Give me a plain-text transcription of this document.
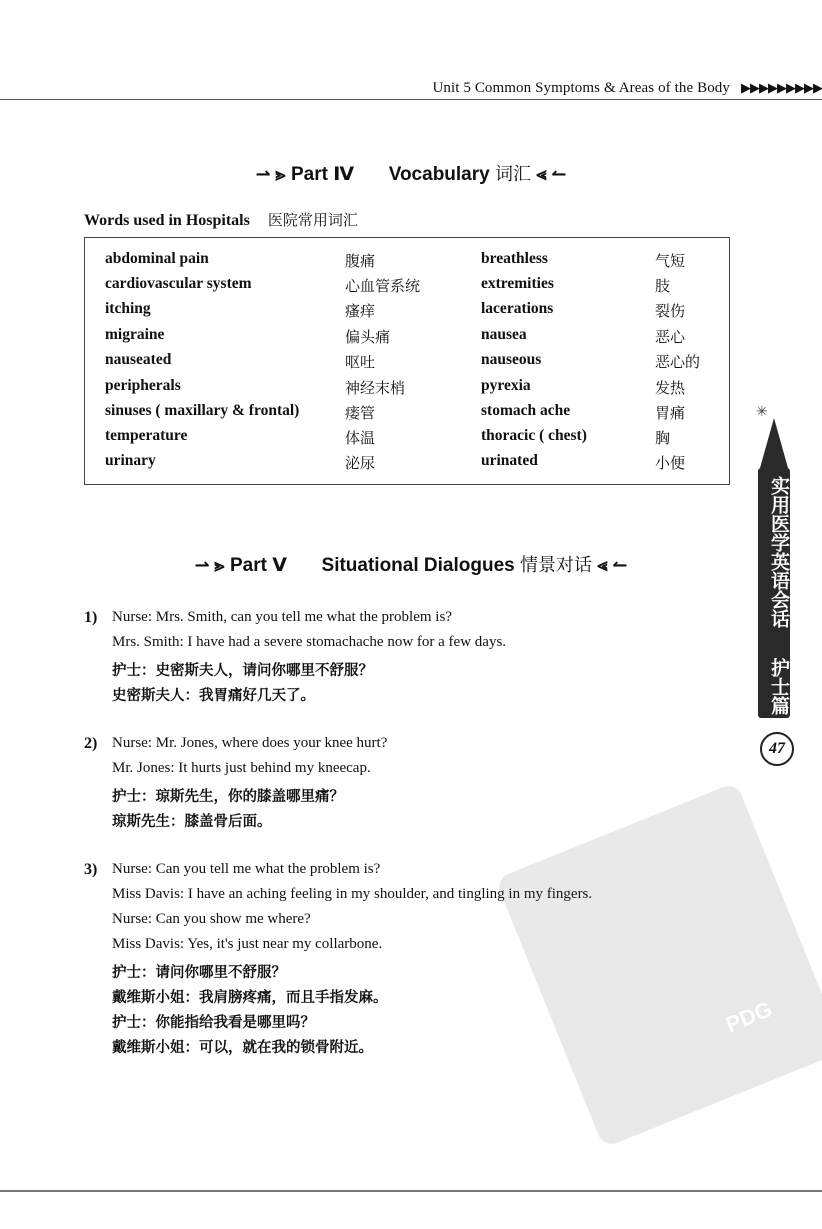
Unit 5 Common Symptoms & Areas of the Body ▶▶▶▶▶▶▶▶▶
⇀ ⪢ Part Ⅳ Vocabulary 词汇 ⪡ ↼
Words used in Hospitals 医院常用词汇
abdominal pain	腹痛	breathless	气短
cardiovascular system	心血管系统	extremities	肢
itching	瘙痒	lacerations	裂伤
migraine	偏头痛	nausea	恶心
nauseated	呕吐	nauseous	恶心的
peripherals	神经末梢	pyrexia	发热
sinuses ( maxillary & frontal)	瘘管	stomach ache	胃痛
temperature	体温	thoracic ( chest)	胸
urinary	泌尿	urinated	小便
⇀ ⪢ Part Ⅴ Situational Dialogues 情景对话 ⪡ ↼
1) Nurse: Mrs. Smith, can you tell me what the problem is?
Mrs. Smith: I have had a severe stomachache now for a few days.
护士：史密斯夫人，请问你哪里不舒服？
史密斯夫人：我胃痛好几天了。
2) Nurse: Mr. Jones, where does your knee hurt?
Mr. Jones: It hurts just behind my kneecap.
护士：琼斯先生，你的膝盖哪里痛？
琼斯先生：膝盖骨后面。
3) Nurse: Can you tell me what the problem is?
Miss Davis: I have an aching feeling in my shoulder, and tingling in my fingers.
Nurse: Can you show me where?
Miss Davis: Yes, it's just near my collarbone.
护士：请问你哪里不舒服？
戴维斯小姐：我肩膀疼痛，而且手指发麻。
护士：你能指给我看是哪里吗？
戴维斯小姐：可以，就在我的锁骨附近。
✳
实用医学英语会话
护士篇
47
PDG
